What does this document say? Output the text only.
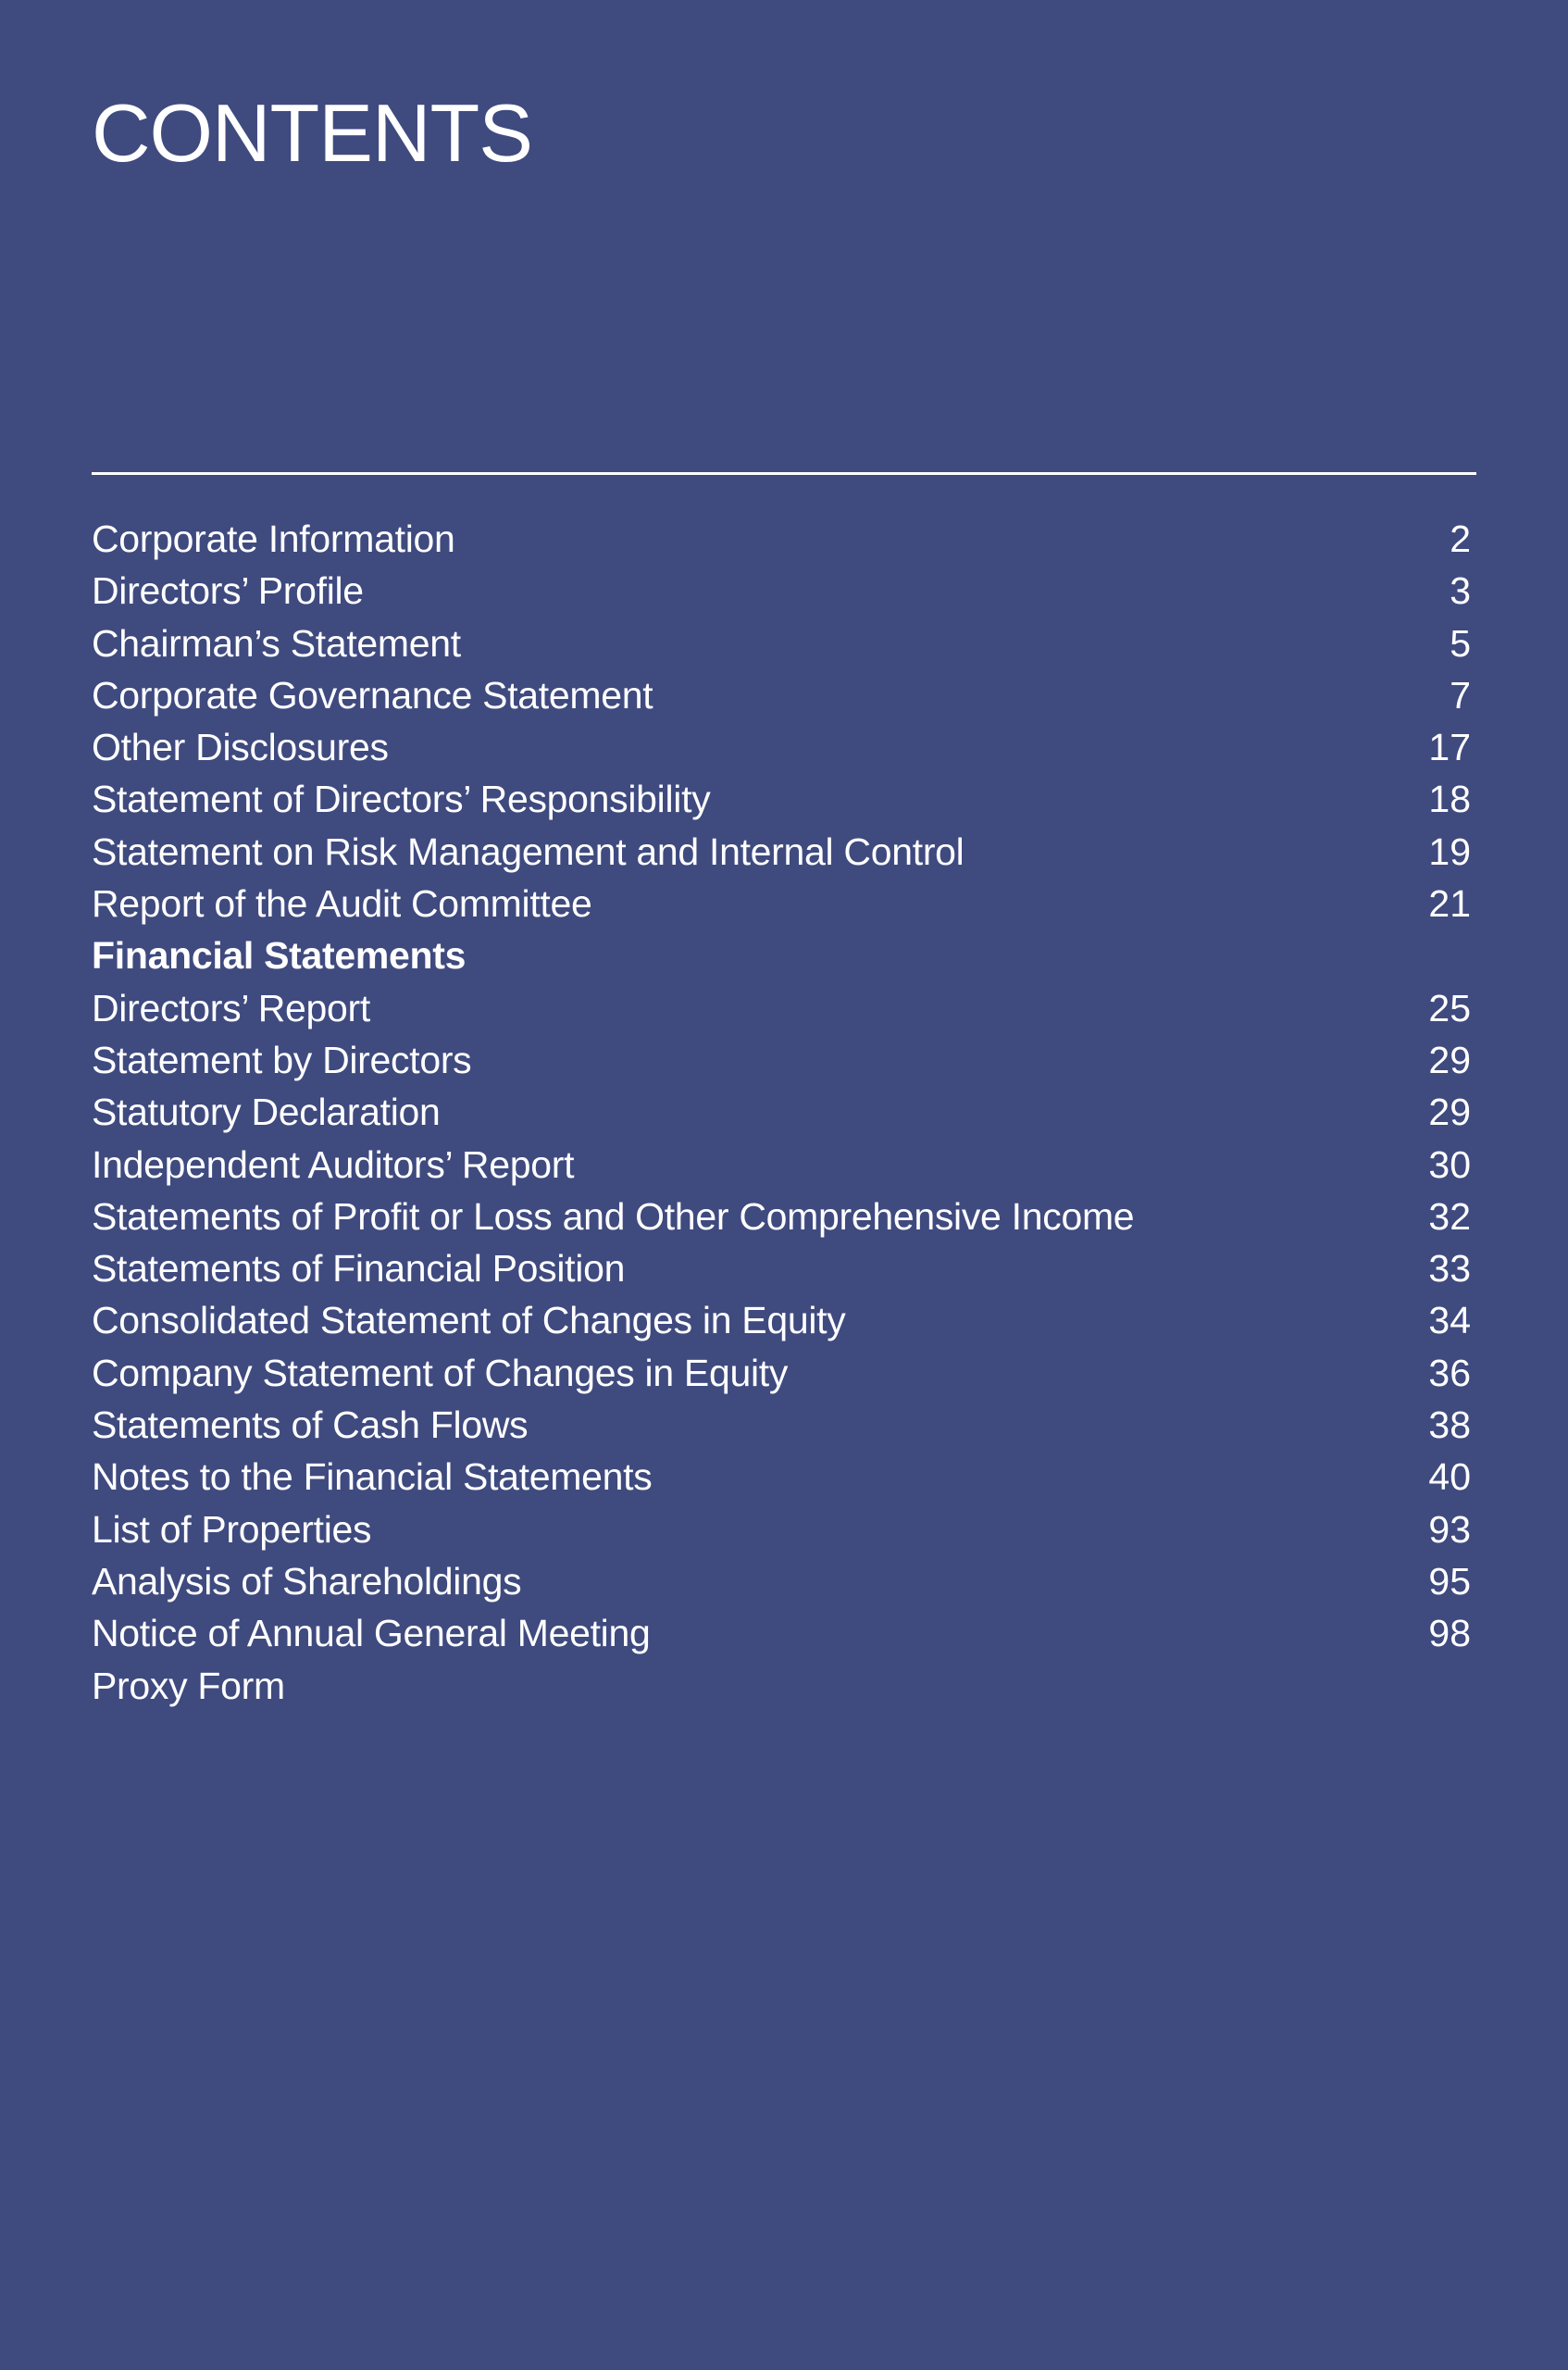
CONTENTS
Corporate Information	2
Directors’ Profile	3
Chairman’s Statement	5
Corporate Governance Statement	7
Other Disclosures	17
Statement of Directors’ Responsibility	18
Statement on Risk Management and Internal Control	19
Report of the Audit Committee	21
Financial Statements
Directors’ Report	25
Statement by Directors	29
Statutory Declaration	29
Independent Auditors’ Report	30
Statements of Profit or Loss and Other Comprehensive Income	32
Statements of Financial Position	33
Consolidated Statement of Changes in Equity	34
Company Statement of Changes in Equity	36
Statements of Cash Flows	38
Notes to the Financial Statements	40
List of Properties	93
Analysis of Shareholdings	95
Notice of Annual General Meeting	98
Proxy Form
